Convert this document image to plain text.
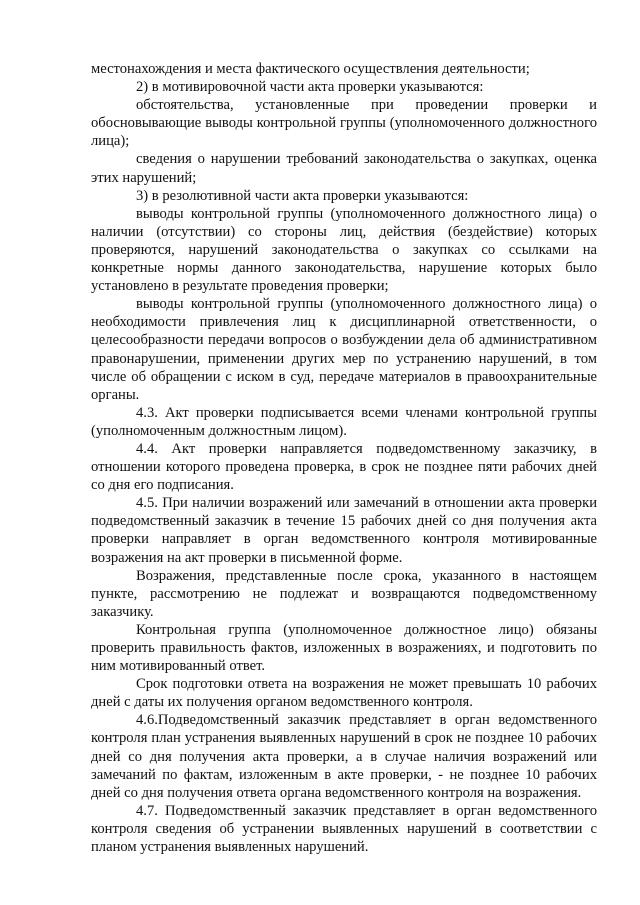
местонахождения и места фактического осуществления деятельности;

2) в мотивировочной части акта проверки указываются:

обстоятельства, установленные при проведении проверки и обосновывающие выводы контрольной группы (уполномоченного должностного лица);

сведения о нарушении требований законодательства о закупках, оценка этих нарушений;

3) в резолютивной части акта проверки указываются:

выводы контрольной группы (уполномоченного должностного лица) о наличии (отсутствии) со стороны лиц, действия (бездействие) которых проверяются, нарушений законодательства о закупках со ссылками на конкретные нормы данного законодательства, нарушение которых было установлено в результате проведения проверки;

выводы контрольной группы (уполномоченного должностного лица) о необходимости привлечения лиц к дисциплинарной ответственности, о целесообразности передачи вопросов о возбуждении дела об административном правонарушении, применении других мер по устранению нарушений, в том числе об обращении с иском в суд, передаче материалов в правоохранительные органы.

4.3. Акт проверки подписывается всеми членами контрольной группы (уполномоченным должностным лицом).

4.4. Акт проверки направляется подведомственному заказчику, в отношении которого проведена проверка, в срок не позднее пяти рабочих дней со дня его подписания.

4.5. При наличии возражений или замечаний в отношении акта проверки подведомственный заказчик в течение 15 рабочих дней со дня получения акта проверки направляет в орган ведомственного контроля мотивированные возражения на акт проверки в письменной форме.

Возражения, представленные после срока, указанного в настоящем пункте, рассмотрению не подлежат и возвращаются подведомственному заказчику.

Контрольная группа (уполномоченное должностное лицо) обязаны проверить правильность фактов, изложенных в возражениях, и подготовить по ним мотивированный ответ.

Срок подготовки ответа на возражения не может превышать 10 рабочих дней с даты их получения органом ведомственного контроля.

4.6.Подведомственный заказчик представляет в орган ведомственного контроля план устранения выявленных нарушений в срок не позднее 10 рабочих дней со дня получения акта проверки, а в случае наличия возражений или замечаний по фактам, изложенным в акте проверки, - не позднее 10 рабочих дней со дня получения ответа органа ведомственного контроля на возражения.

4.7. Подведомственный заказчик представляет в орган ведомственного контроля сведения об устранении выявленных нарушений в соответствии с планом устранения выявленных нарушений.
